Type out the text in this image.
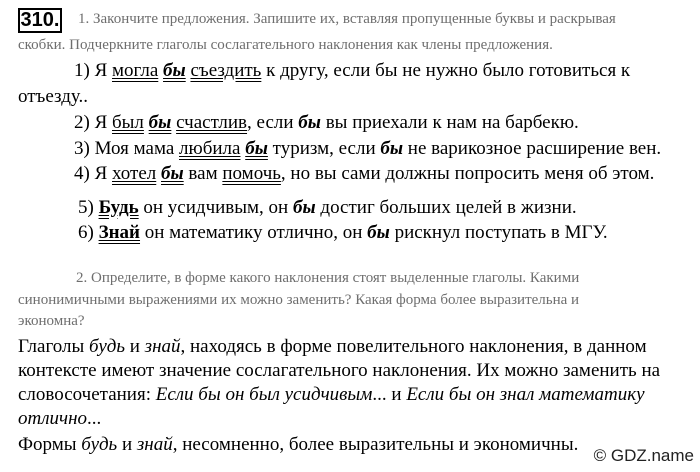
310. 1. Закончите предложения. Запишите их, вставляя пропущенные буквы и раскрывая
скобки. Подчеркните глаголы сослагательного наклонения как члены предложения.
1) Я могла бы съездить к другу, если бы не нужно было готовиться к
отъезду..
2) Я был бы счастлив, если бы вы приехали к нам на барбекю.
3) Моя мама любила бы туризм, если бы не варикозное расширение вен.
4) Я хотел бы вам помочь, но вы сами должны попросить меня об этом.
5) Будь он усидчивым, он бы достиг больших целей в жизни.
6) Знай он математику отлично, он бы рискнул поступать в МГУ.
2. Определите, в форме какого наклонения стоят выделенные глаголы. Какими
синонимичными выражениями их можно заменить? Какая форма более выразительна и
экономна?
Глаголы будь и знай, находясь в форме повелительного наклонения, в данном
контексте имеют значение сослагательного наклонения. Их можно заменить на
словосочетания: Если бы он был усидчивым... и Если бы он знал математику
отлично...
Формы будь и знай, несомненно, более выразительны и экономичны.
© GDZ.name
